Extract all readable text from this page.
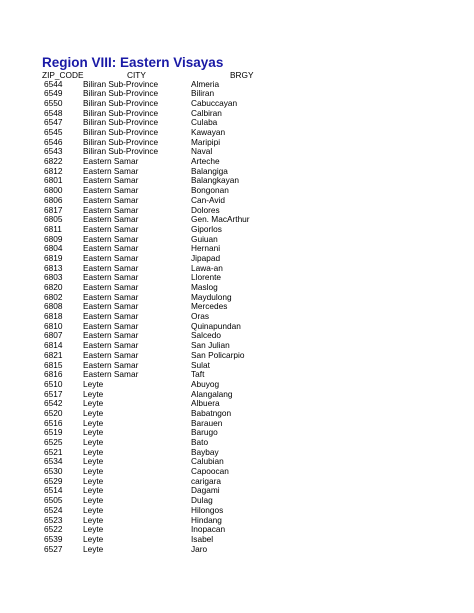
Region VIII: Eastern Visayas
ZIP_CODE	CITY	BRGY
6544 Biliran Sub-Province	Almeria
6549 Biliran Sub-Province	Biliran
6550 Biliran Sub-Province	Cabuccayan
6548 Biliran Sub-Province	Calbiran
6547 Biliran Sub-Province	Culaba
6545 Biliran Sub-Province	Kawayan
6546 Biliran Sub-Province	Maripipi
6543 Biliran Sub-Province	Naval
6822 Eastern Samar	Arteche
6812 Eastern Samar	Balangiga
6801 Eastern Samar	Balangkayan
6800 Eastern Samar	Bongonan
6806 Eastern Samar	Can-Avid
6817 Eastern Samar	Dolores
6805 Eastern Samar	Gen. MacArthur
6811	Eastern Samar	Giporlos
6809 Eastern Samar	Guiuan
6804 Eastern Samar	Hernani
6819 Eastern Samar	Jipapad
6813 Eastern Samar	Lawa-an
6803 Eastern Samar	Llorente
6820 Eastern Samar	Maslog
6802 Eastern Samar	Maydulong
6808 Eastern Samar	Mercedes
6818 Eastern Samar	Oras
6810 Eastern Samar	Quinapundan
6807 Eastern Samar	Salcedo
6814 Eastern Samar	San Julian
6821 Eastern Samar	San Policarpio
6815 Eastern Samar	Sulat
6816 Eastern Samar	Taft
6510 Leyte	Abuyog
6517 Leyte	Alangalang
6542 Leyte	Albuera
6520 Leyte	Babatngon
6516 Leyte	Barauen
6519 Leyte	Barugo
6525 Leyte	Bato
6521 Leyte	Baybay
6534 Leyte	Calubian
6530 Leyte	Capoocan
6529 Leyte	carigara
6514 Leyte	Dagami
6505 Leyte	Dulag
6524 Leyte	Hilongos
6523 Leyte	Hindang
6522 Leyte	Inopacan
6539 Leyte	Isabel
6527 Leyte	Jaro
